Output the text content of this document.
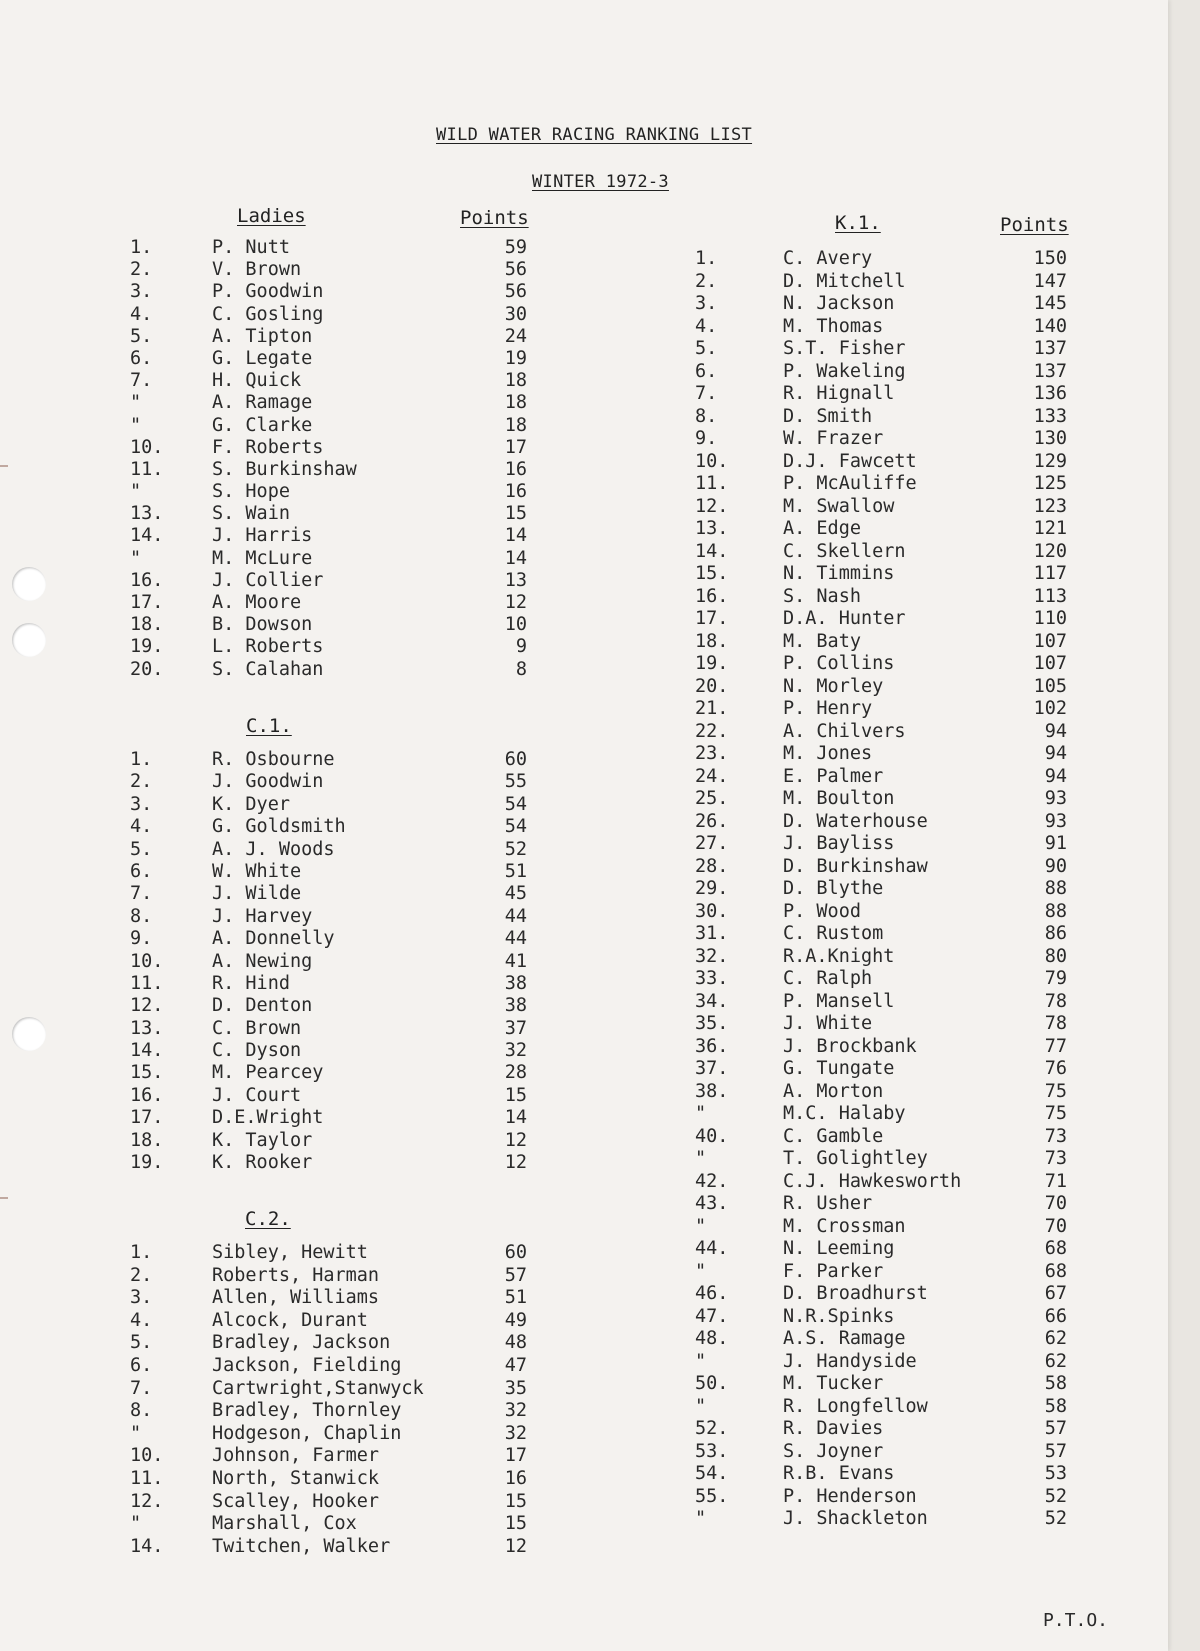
WILD WATER RACING RANKING LIST
WINTER 1972-3
Ladies	Points
1.	P. Nutt	59
2.	V. Brown	56
3.	P. Goodwin	56
4.	C. Gosling	30
5.	A. Tipton	24
6.	G. Legate	19
7.	H. Quick	18
"	A. Ramage	18
"	G. Clarke	18
10.	F. Roberts	17
11.	S. Burkinshaw	16
"	S. Hope	16
13.	S. Wain	15
14.	J. Harris	14
"	M. McLure	14
16.	J. Collier	13
17.	A. Moore	12
18.	B. Dowson	10
19.	L. Roberts	9
20.	S. Calahan	8
C.1.
1.	R. Osbourne	60
2.	J. Goodwin	55
3.	K. Dyer	54
4.	G. Goldsmith	54
5.	A. J. Woods	52
6.	W. White	51
7.	J. Wilde	45
8.	J. Harvey	44
9.	A. Donnelly	44
10.	A. Newing	41
11.	R. Hind	38
12.	D. Denton	38
13.	C. Brown	37
14.	C. Dyson	32
15.	M. Pearcey	28
16.	J. Court	15
17.	D.E.Wright	14
18.	K. Taylor	12
19.	K. Rooker	12
C.2.
1.	Sibley, Hewitt	60
2.	Roberts, Harman	57
3.	Allen, Williams	51
4.	Alcock, Durant	49
5.	Bradley, Jackson	48
6.	Jackson, Fielding	47
7.	Cartwright,Stanwyck	35
8.	Bradley, Thornley	32
"	Hodgeson, Chaplin	32
10.	Johnson, Farmer	17
11.	North, Stanwick	16
12.	Scalley, Hooker	15
"	Marshall, Cox	15
14.	Twitchen, Walker	12
K.1.	Points
1.	C. Avery	150
2.	D. Mitchell	147
3.	N. Jackson	145
4.	M. Thomas	140
5.	S.T. Fisher	137
6.	P. Wakeling	137
7.	R. Hignall	136
8.	D. Smith	133
9.	W. Frazer	130
10.	D.J. Fawcett	129
11.	P. McAuliffe	125
12.	M. Swallow	123
13.	A. Edge	121
14.	C. Skellern	120
15.	N. Timmins	117
16.	S. Nash	113
17.	D.A. Hunter	110
18.	M. Baty	107
19.	P. Collins	107
20.	N. Morley	105
21.	P. Henry	102
22.	A. Chilvers	94
23.	M. Jones	94
24.	E. Palmer	94
25.	M. Boulton	93
26.	D. Waterhouse	93
27.	J. Bayliss	91
28.	D. Burkinshaw	90
29.	D. Blythe	88
30.	P. Wood	88
31.	C. Rustom	86
32.	R.A.Knight	80
33.	C. Ralph	79
34.	P. Mansell	78
35.	J. White	78
36.	J. Brockbank	77
37.	G. Tungate	76
38.	A. Morton	75
"	M.C. Halaby	75
40.	C. Gamble	73
"	T. Golightley	73
42.	C.J. Hawkesworth	71
43.	R. Usher	70
"	M. Crossman	70
44.	N. Leeming	68
"	F. Parker	68
46.	D. Broadhurst	67
47.	N.R.Spinks	66
48.	A.S. Ramage	62
"	J. Handyside	62
50.	M. Tucker	58
"	R. Longfellow	58
52.	R. Davies	57
53.	S. Joyner	57
54.	R.B. Evans	53
55.	P. Henderson	52
"	J. Shackleton	52
P.T.O.
